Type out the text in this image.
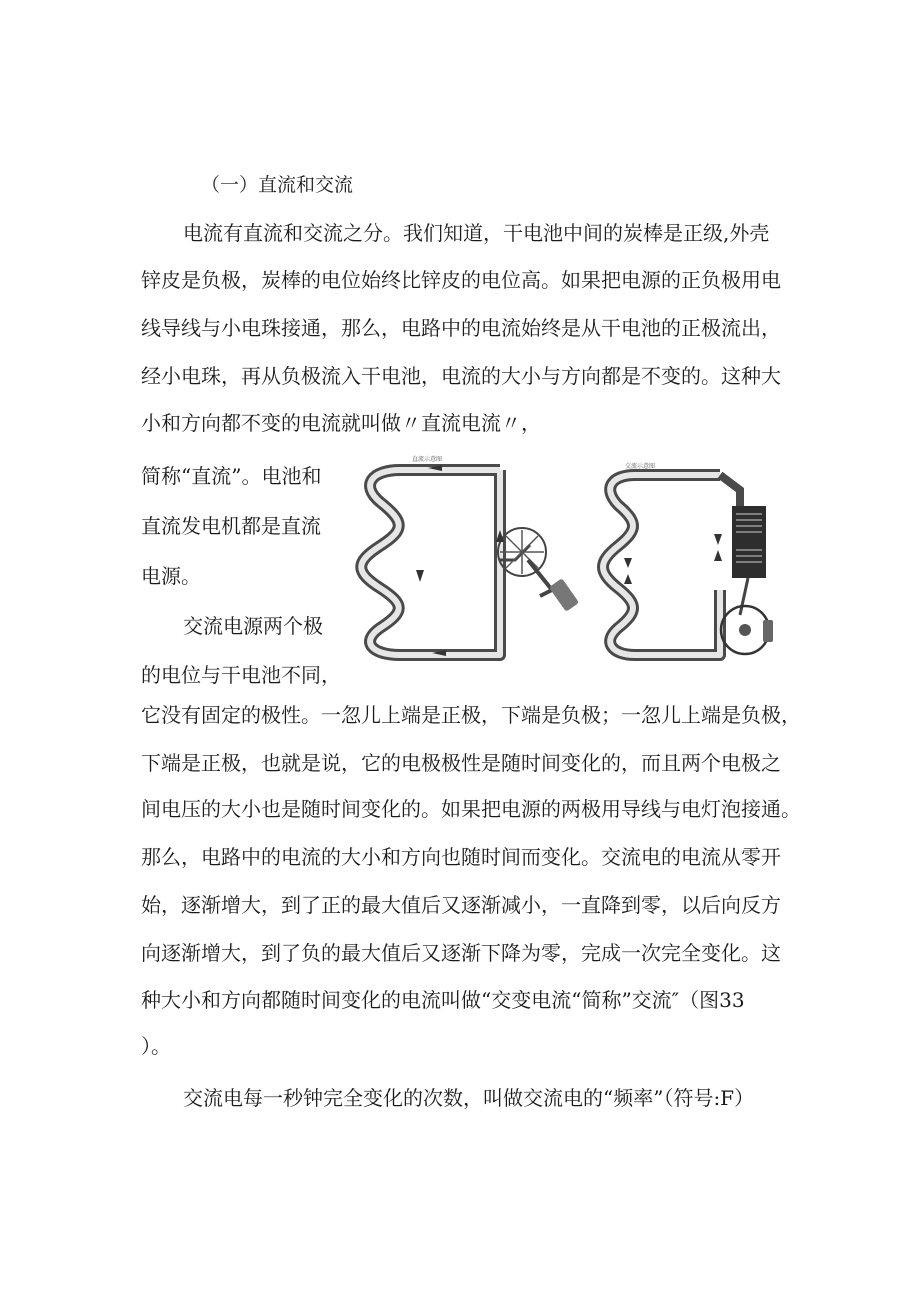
（一）直流和交流
电流有直流和交流之分。我们知道，干电池中间的炭棒是正级,外壳
锌皮是负极，炭棒的电位始终比锌皮的电位高。如果把电源的正负极用电
线导线与小电珠接通，那么，电路中的电流始终是从干电池的正极流出，
经小电珠，再从负极流入干电池，电流的大小与方向都是不变的。这种大
小和方向都不变的电流就叫做〃直流电流〃，
简称“直流”。电池和
直流发电机都是直流
电源。
交流电源两个极
的电位与干电池不同，
它没有固定的极性。一忽儿上端是正极，下端是负极；一忽儿上端是负极，
下端是正极，也就是说，它的电极极性是随时间变化的，而且两个电极之
间电压的大小也是随时间变化的。如果把电源的两极用导线与电灯泡接通。
那么，电路中的电流的大小和方向也随时间而变化。交流电的电流从零开
始，逐渐增大，到了正的最大值后又逐渐减小，一直降到零，以后向反方
向逐渐增大，到了负的最大值后又逐渐下降为零，完成一次完全变化。这
种大小和方向都随时间变化的电流叫做“交变电流“简称”交流″（图33
）。
交流电每一秒钟完全变化的次数，叫做交流电的“频率”（符号:F）
直流示意图
交流示意图
